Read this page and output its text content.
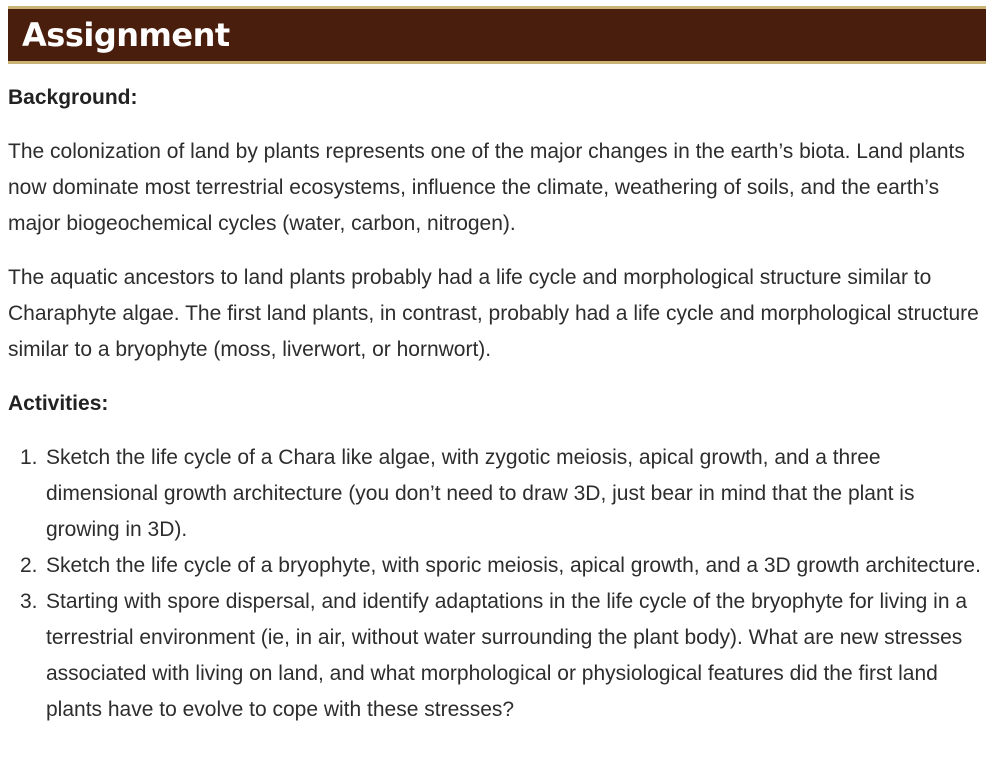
Assignment
Background:

The colonization of land by plants represents one of the major changes in the earth’s biota. Land plants now dominate most terrestrial ecosystems, influence the climate, weathering of soils, and the earth’s major biogeochemical cycles (water, carbon, nitrogen).

The aquatic ancestors to land plants probably had a life cycle and morphological structure similar to Charaphyte algae. The first land plants, in contrast, probably had a life cycle and morphological structure similar to a bryophyte (moss, liverwort, or hornwort).

Activities:
1. Sketch the life cycle of a Chara like algae, with zygotic meiosis, apical growth, and a three dimensional growth architecture (you don’t need to draw 3D, just bear in mind that the plant is growing in 3D).
2. Sketch the life cycle of a bryophyte, with sporic meiosis, apical growth, and a 3D growth architecture.
3. Starting with spore dispersal, and identify adaptations in the life cycle of the bryophyte for living in a terrestrial environment (ie, in air, without water surrounding the plant body). What are new stresses associated with living on land, and what morphological or physiological features did the first land plants have to evolve to cope with these stresses?
